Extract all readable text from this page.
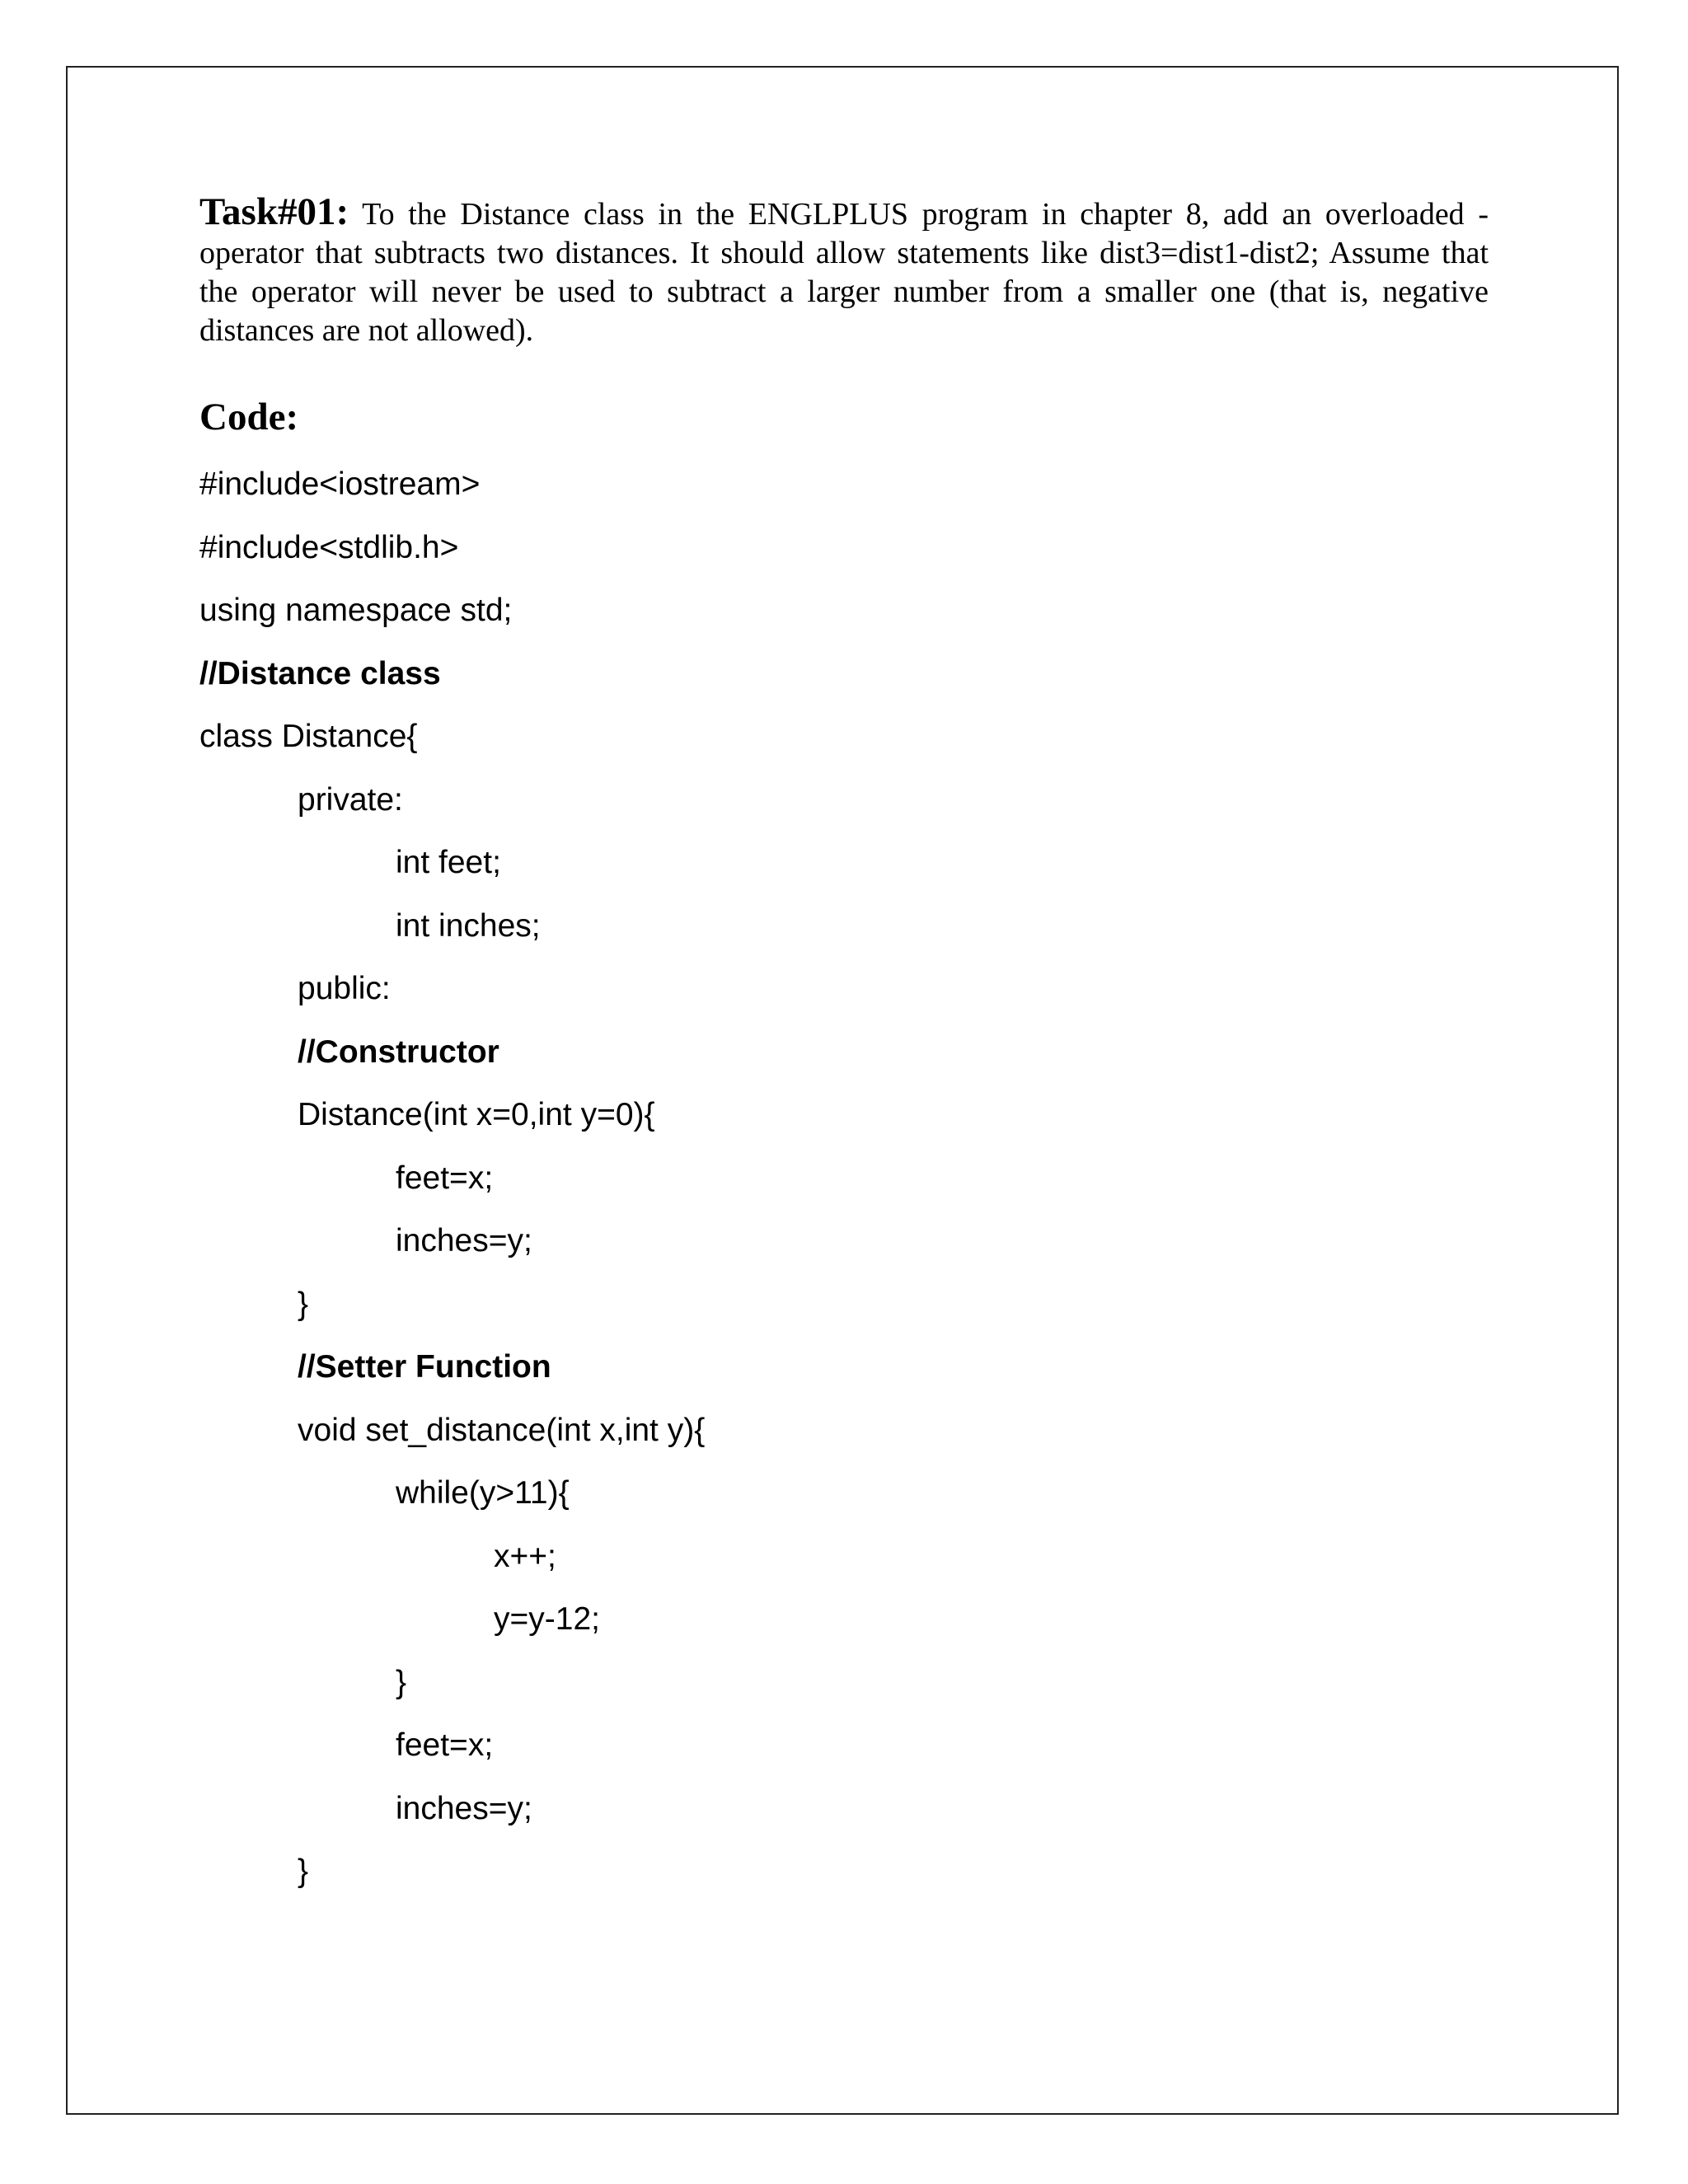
Task#01: To the Distance class in the ENGLPLUS program in chapter 8, add an overloaded -operator that subtracts two distances. It should allow statements like dist3=dist1-dist2; Assume that the operator will never be used to subtract a larger number from a smaller one (that is, negative distances are not allowed).

Code:
#include<iostream>
#include<stdlib.h>
using namespace std;
//Distance class
class Distance{
private:
int feet;
int inches;
public:
//Constructor
Distance(int x=0,int y=0){
feet=x;
inches=y;
}
//Setter Function
void set_distance(int x,int y){
while(y>11){
x++;
y=y-12;
}
feet=x;
inches=y;
}
